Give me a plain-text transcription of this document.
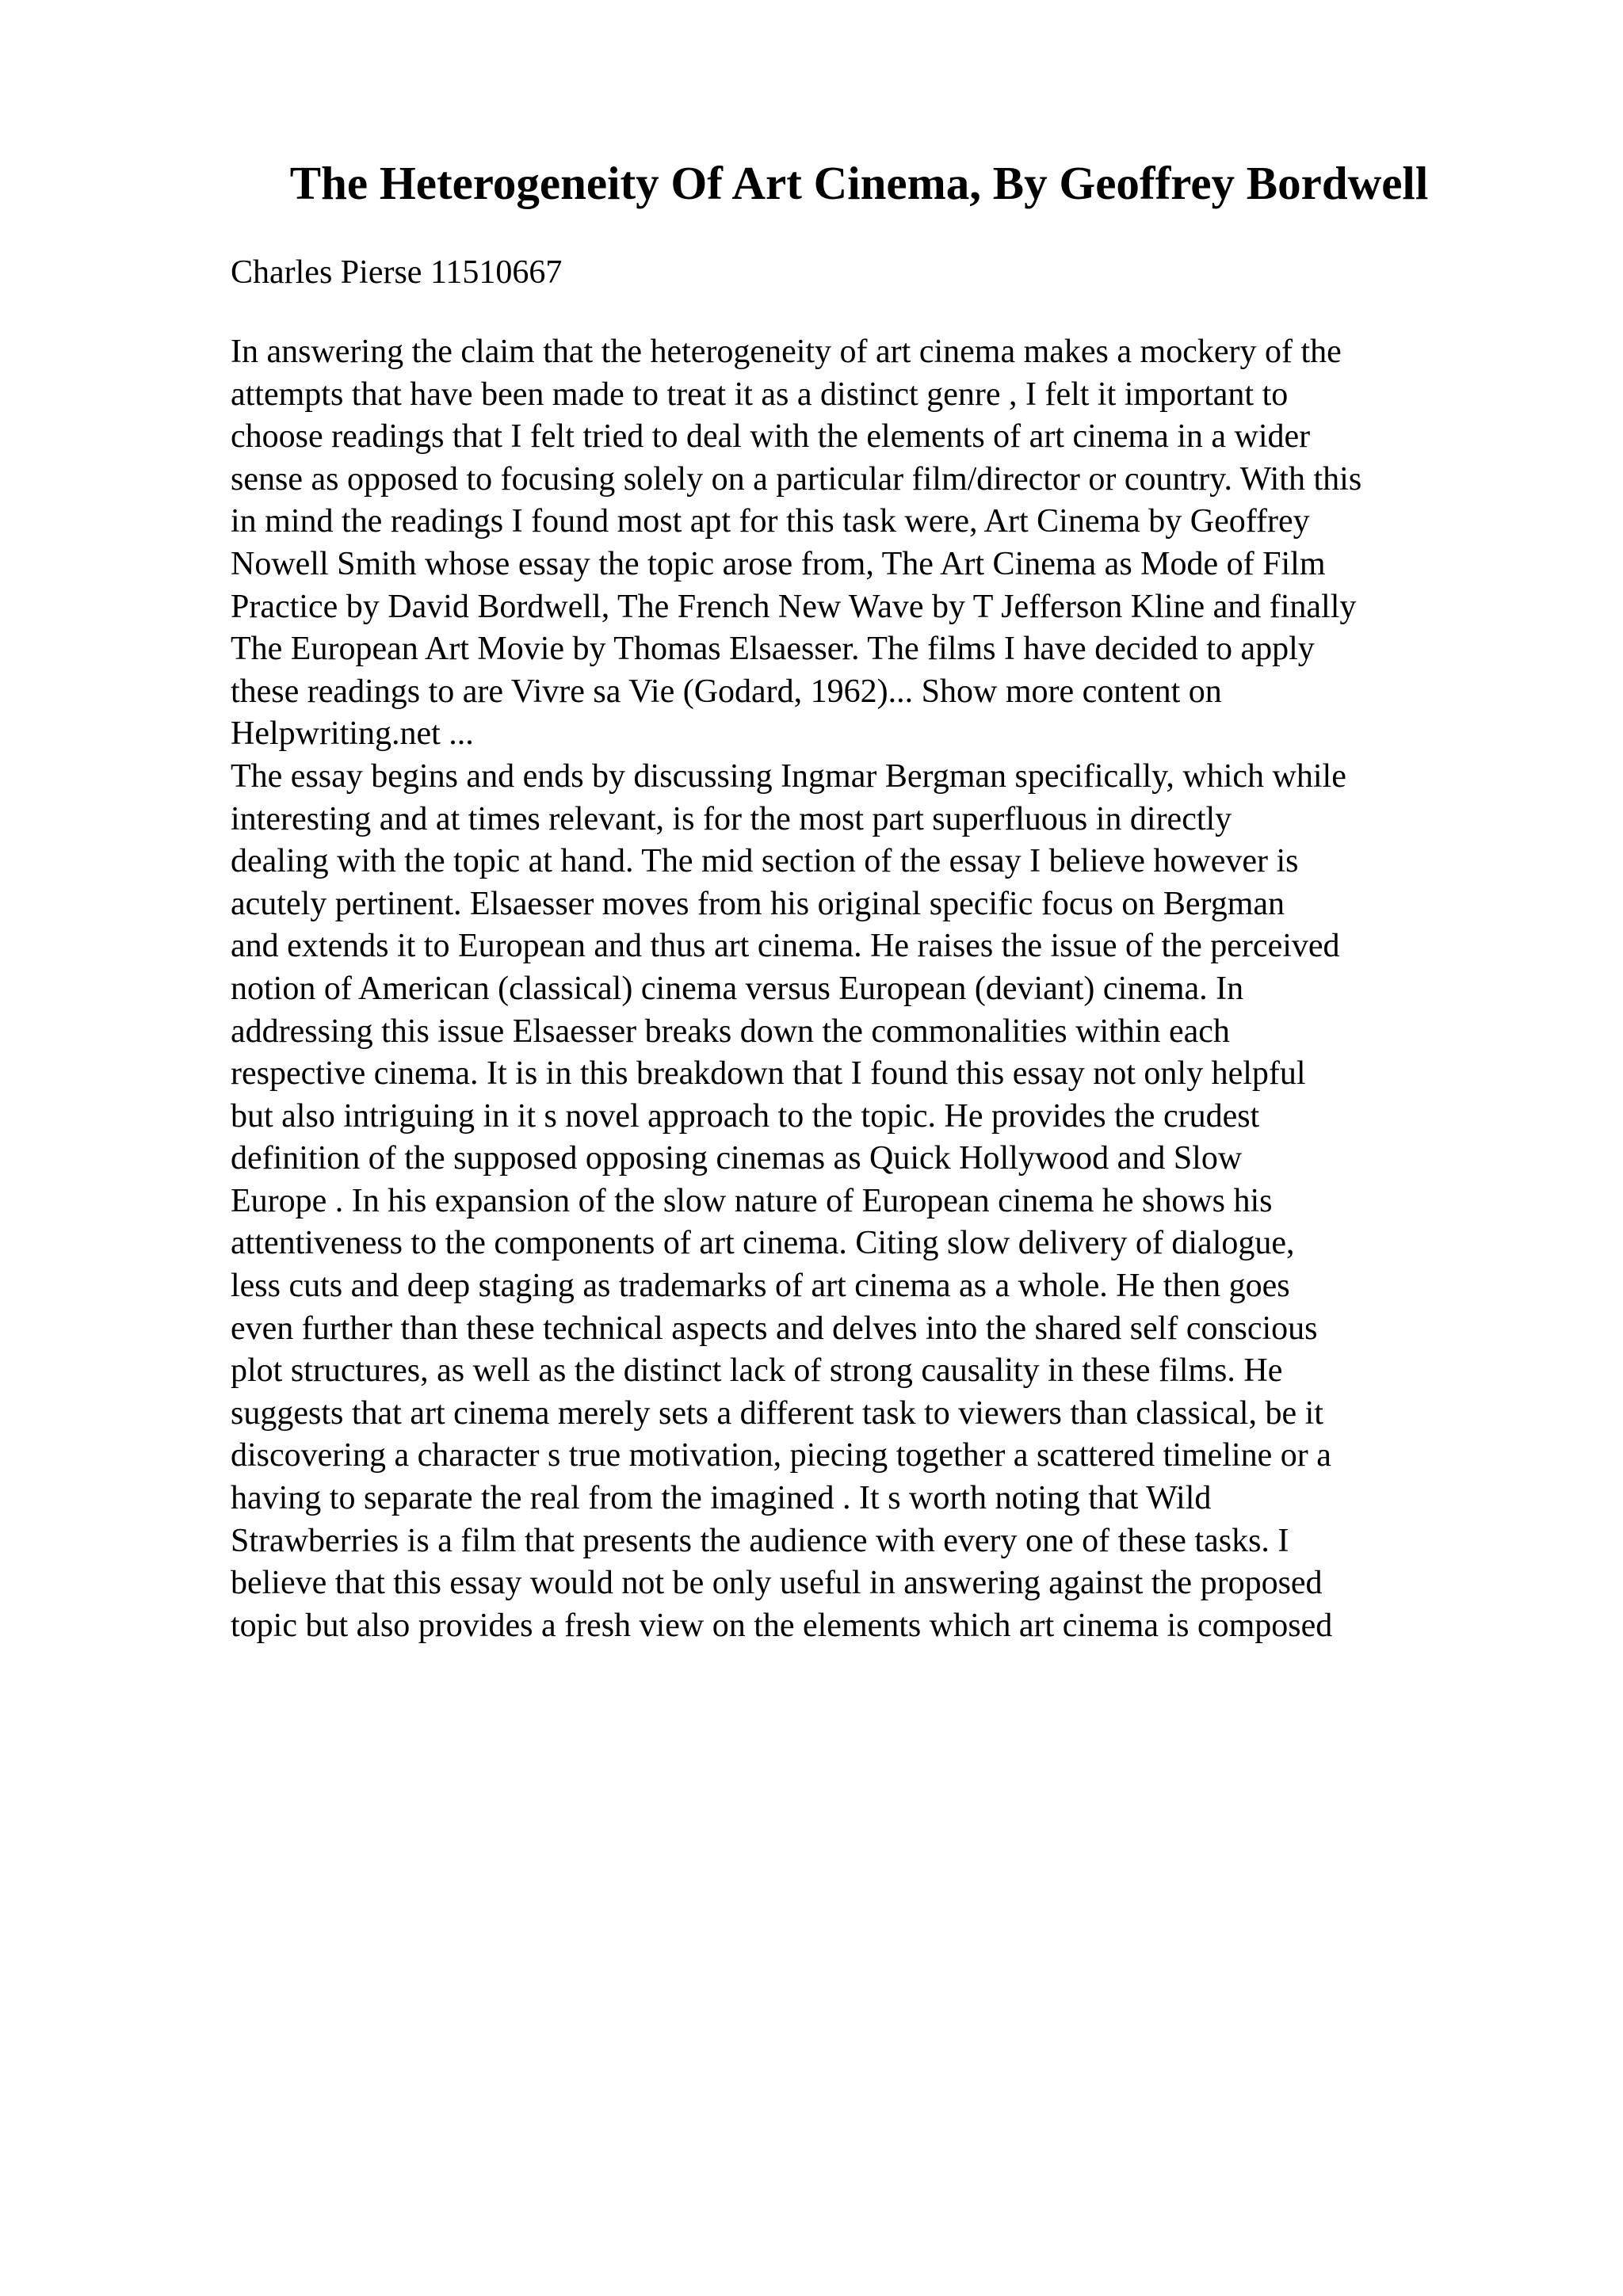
The Heterogeneity Of Art Cinema, By Geoffrey Bordwell
Charles Pierse 11510667
In answering the claim that the heterogeneity of art cinema makes a mockery of the
attempts that have been made to treat it as a distinct genre , I felt it important to
choose readings that I felt tried to deal with the elements of art cinema in a wider
sense as opposed to focusing solely on a particular film/director or country. With this
in mind the readings I found most apt for this task were, Art Cinema by Geoffrey
Nowell Smith whose essay the topic arose from, The Art Cinema as Mode of Film
Practice by David Bordwell, The French New Wave by T Jefferson Kline and finally
The European Art Movie by Thomas Elsaesser. The films I have decided to apply
these readings to are Vivre sa Vie (Godard, 1962)... Show more content on
Helpwriting.net ...
The essay begins and ends by discussing Ingmar Bergman specifically, which while
interesting and at times relevant, is for the most part superfluous in directly
dealing with the topic at hand. The mid section of the essay I believe however is
acutely pertinent. Elsaesser moves from his original specific focus on Bergman
and extends it to European and thus art cinema. He raises the issue of the perceived
notion of American (classical) cinema versus European (deviant) cinema. In
addressing this issue Elsaesser breaks down the commonalities within each
respective cinema. It is in this breakdown that I found this essay not only helpful
but also intriguing in it s novel approach to the topic. He provides the crudest
definition of the supposed opposing cinemas as Quick Hollywood and Slow
Europe . In his expansion of the slow nature of European cinema he shows his
attentiveness to the components of art cinema. Citing slow delivery of dialogue,
less cuts and deep staging as trademarks of art cinema as a whole. He then goes
even further than these technical aspects and delves into the shared self conscious
plot structures, as well as the distinct lack of strong causality in these films. He
suggests that art cinema merely sets a different task to viewers than classical, be it
discovering a character s true motivation, piecing together a scattered timeline or a
having to separate the real from the imagined . It s worth noting that Wild
Strawberries is a film that presents the audience with every one of these tasks. I
believe that this essay would not be only useful in answering against the proposed
topic but also provides a fresh view on the elements which art cinema is composed
